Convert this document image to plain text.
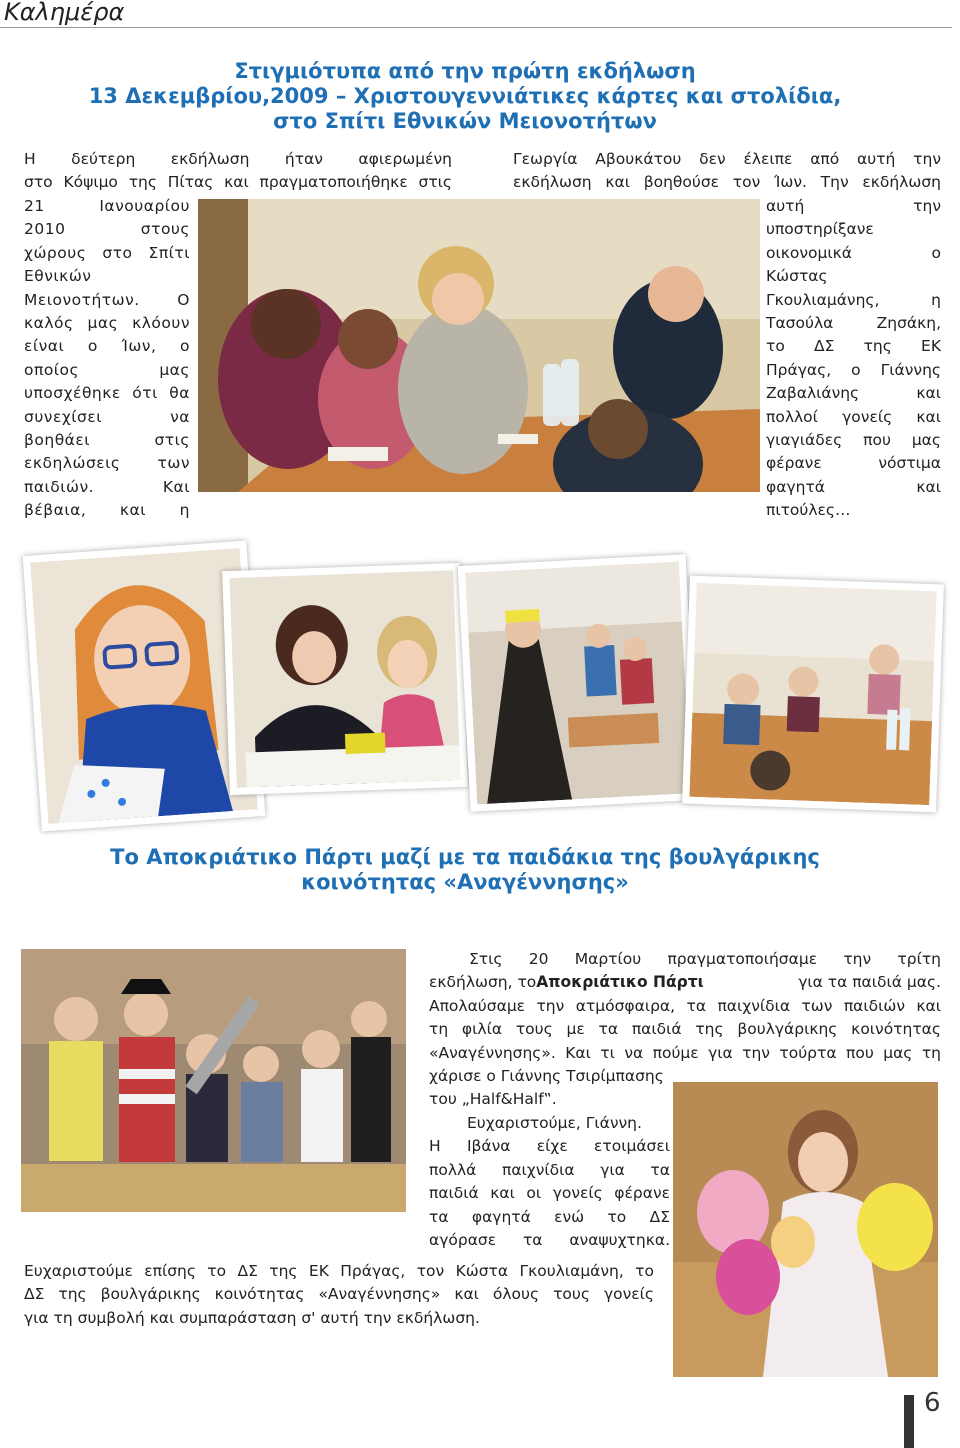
Καλημέρα
Στιγμιότυπα από την πρώτη εκδήλωση
13 Δεκεμβρίου,2009 – Χριστουγεννιάτικες κάρτες και στολίδια,
στο Σπίτι Εθνικών Μειονοτήτων
Η δεύτερη εκδήλωση ήταν αφιερωμένη
στο Κόψιμο της Πίτας και πραγματοποιήθηκε στις
21 Ιανουαρίου
2010 στους
χώρους στο Σπίτι
Εθνικών
Μειονοτήτων. Ο
καλός μας κλόουν
είναι ο Ίων, ο
οποίος μας
υποσχέθηκε ότι θα
συνεχίσει να
βοηθάει στις
εκδηλώσεις των
παιδιών. Και
βέβαια, και η
Γεωργία Αβουκάτου δεν έλειπε από αυτή την
εκδήλωση και βοηθούσε τον Ίων. Την εκδήλωση
αυτή την
υποστηρίξανε
οικονομικά ο
Κώστας
Γκουλιαμάνης, η
Τασούλα Ζησάκη,
το ΔΣ της ΕΚ
Πράγας, ο Γιάννης
Ζαβαλιάνης και
πολλοί γονείς και
γιαγιάδες που μας
φέρανε νόστιμα
φαγητά και
πιτούλες…
Το Αποκριάτικο Πάρτι μαζί με τα παιδάκια της βουλγάρικης
κοινότητας «Αναγέννησης»
Στις 20 Μαρτίου πραγματοποιήσαμε την τρίτη
εκδήλωση, το Αποκριάτικο Πάρτι	για τα παιδιά μας.
Απολαύσαμε την ατμόσφαιρα, τα παιχνίδια των παιδιών και
τη φιλία τους με τα παιδιά της βουλγάρικης κοινότητας
«Αναγέννησης». Και τι να πούμε για την τούρτα που μας τη
χάρισε ο Γιάννης Τσιρίμπασης
του „Half&Half‟.
Ευχαριστούμε, Γιάννη.
Η Ιβάνα είχε ετοιμάσει
πολλά παιχνίδια για τα
παιδιά και οι γονείς φέρανε
τα φαγητά ενώ το ΔΣ
αγόρασε τα αναψυχτηκα.
Ευχαριστούμε επίσης το ΔΣ της ΕΚ Πράγας, τον Κώστα Γκουλιαμάνη, το
ΔΣ της βουλγάρικης κοινότητας «Αναγέννησης» και όλους τους γονείς
για τη συμβολή και συμπαράσταση σ' αυτή την εκδήλωση.
6
